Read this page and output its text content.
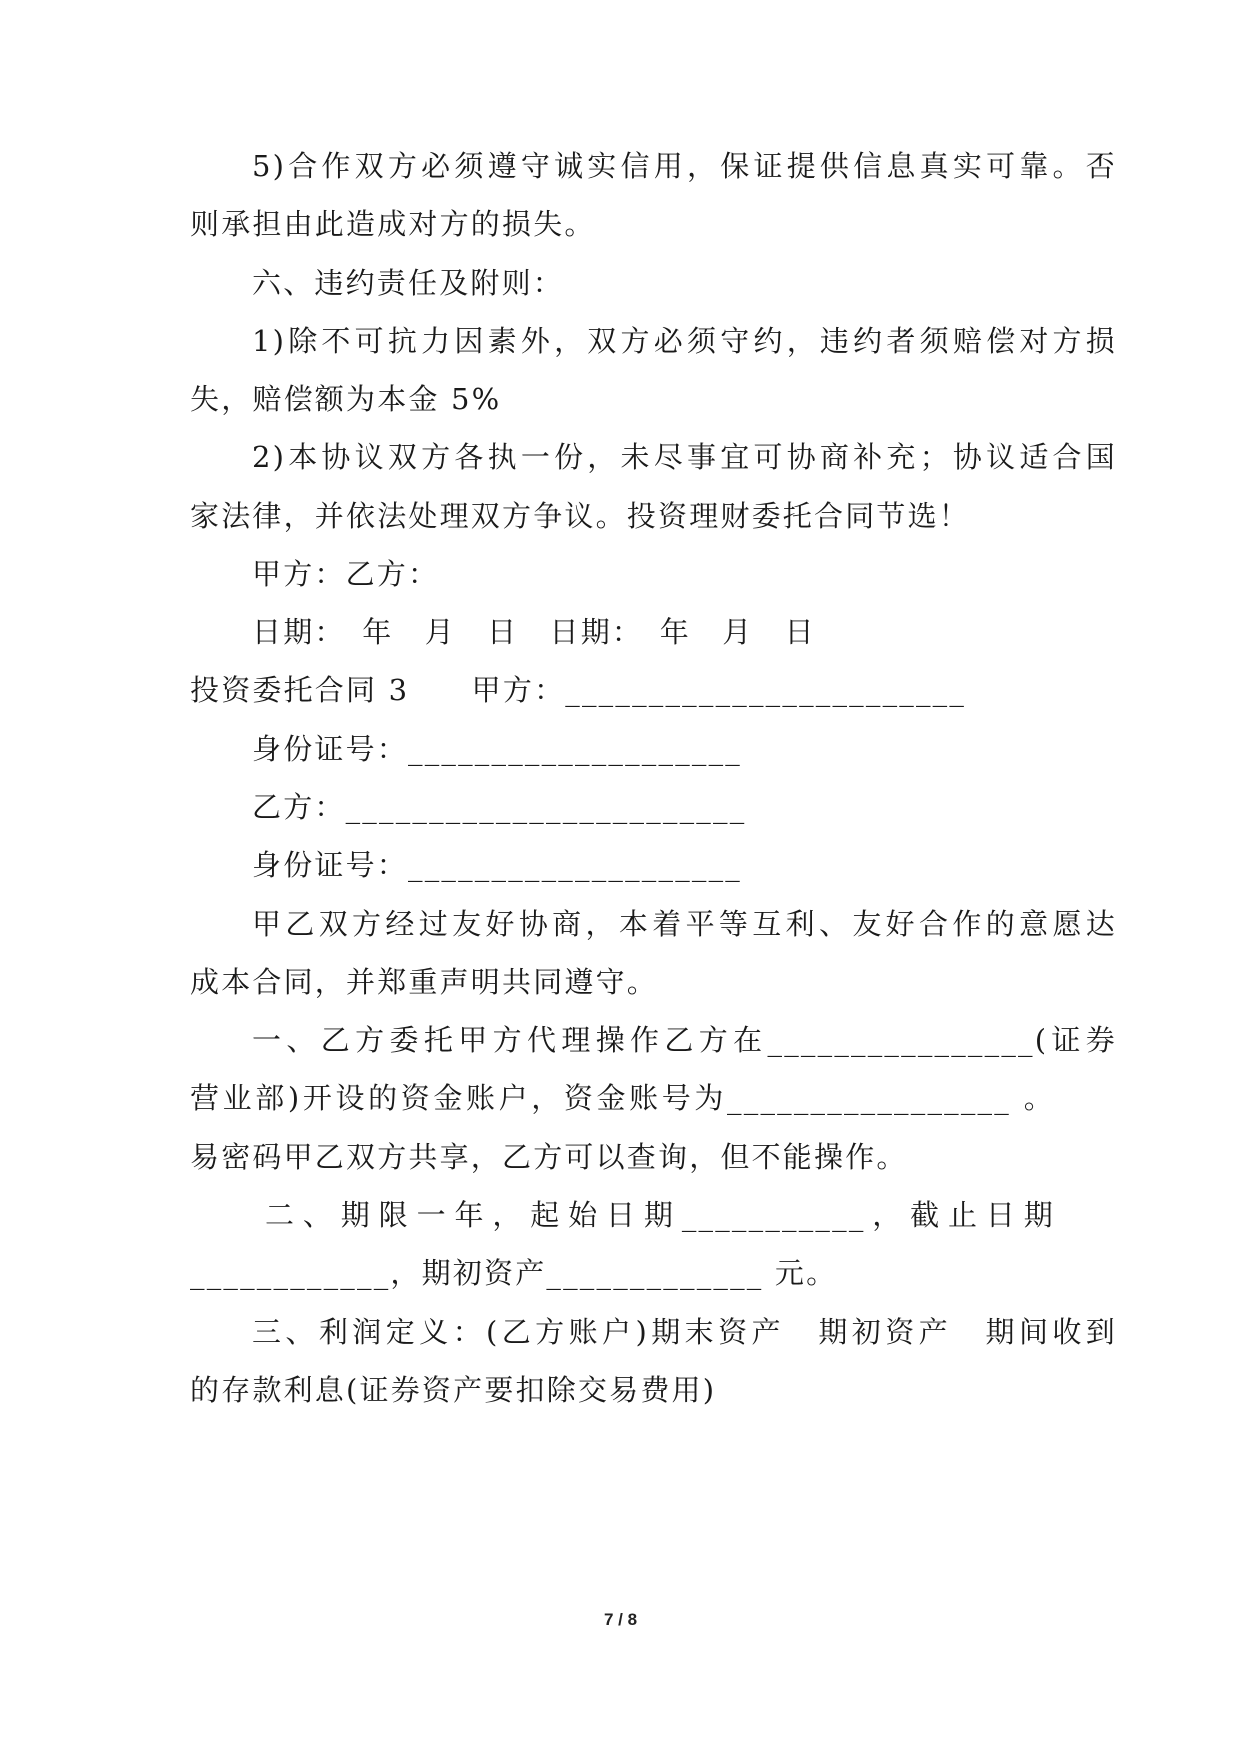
5)合作双方必须遵守诚实信用，保证提供信息真实可靠。否
则承担由此造成对方的损失。
六、违约责任及附则：
1)除不可抗力因素外，双方必须守约，违约者须赔偿对方损
失，赔偿额为本金 5%
2)本协议双方各执一份，未尽事宜可协商补充；协议适合国
家法律，并依法处理双方争议。投资理财委托合同节选！
甲方：乙方：
日期：　年　月　日　日期：　年　月　日
投资委托合同 3　　甲方：________________________
身份证号：____________________
乙方：________________________
身份证号：____________________
甲乙双方经过友好协商，本着平等互利、友好合作的意愿达
成本合同，并郑重声明共同遵守。
一、乙方委托甲方代理操作乙方在________________(证券
营业部)开设的资金账户，资金账号为_________________ 。
易密码甲乙双方共享，乙方可以查询，但不能操作。
二、期限一年，起始日期___________，截止日期
____________，期初资产_____________ 元。
三、利润定义：(乙方账户)期末资产　期初资产　期间收到
的存款利息(证券资产要扣除交易费用)
7 / 8
